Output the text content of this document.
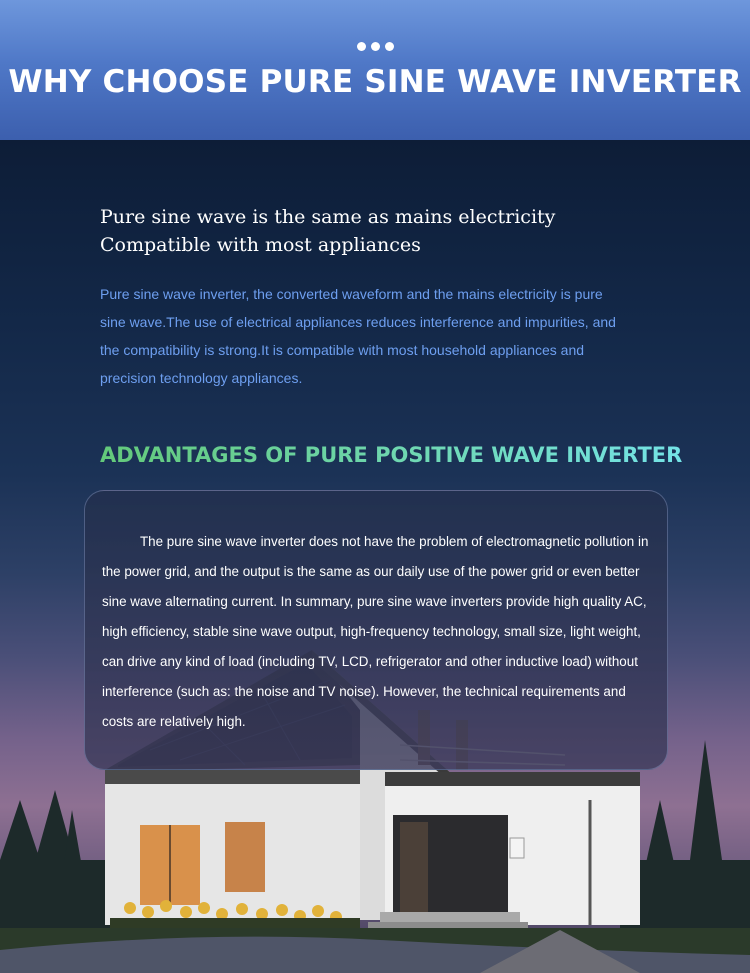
WHY CHOOSE PURE SINE WAVE INVERTER
Pure sine wave is the same as mains electricity
Compatible with most appliances

Pure sine wave inverter, the converted waveform and the mains electricity is pure sine wave.The use of electrical appliances reduces interference and impurities, and the compatibility is strong.It is compatible with most household appliances and precision technology appliances.

ADVANTAGES OF PURE POSITIVE WAVE INVERTER

The pure sine wave inverter does not have the problem of electromagnetic pollution in the power grid, and the output is the same as our daily use of the power grid or even better sine wave alternating current. In summary, pure sine wave inverters provide high quality AC, high efficiency, stable sine wave output, high-frequency technology, small size, light weight, can drive any kind of load (including TV, LCD, refrigerator and other inductive load) without interference (such as: the noise and TV noise). However, the technical requirements and costs are relatively high.
